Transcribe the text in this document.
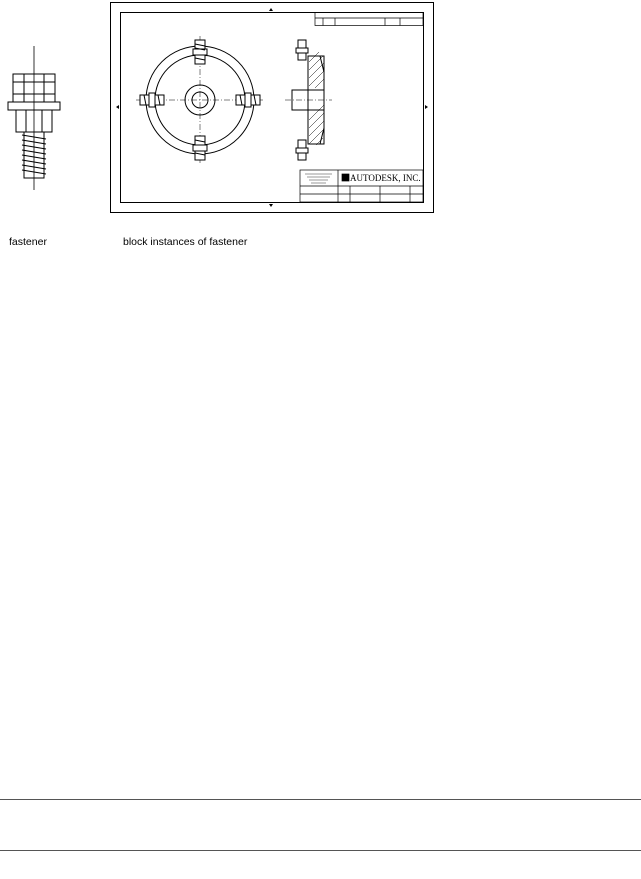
AUTODESK, INC.
fastener	block instances of fastener
